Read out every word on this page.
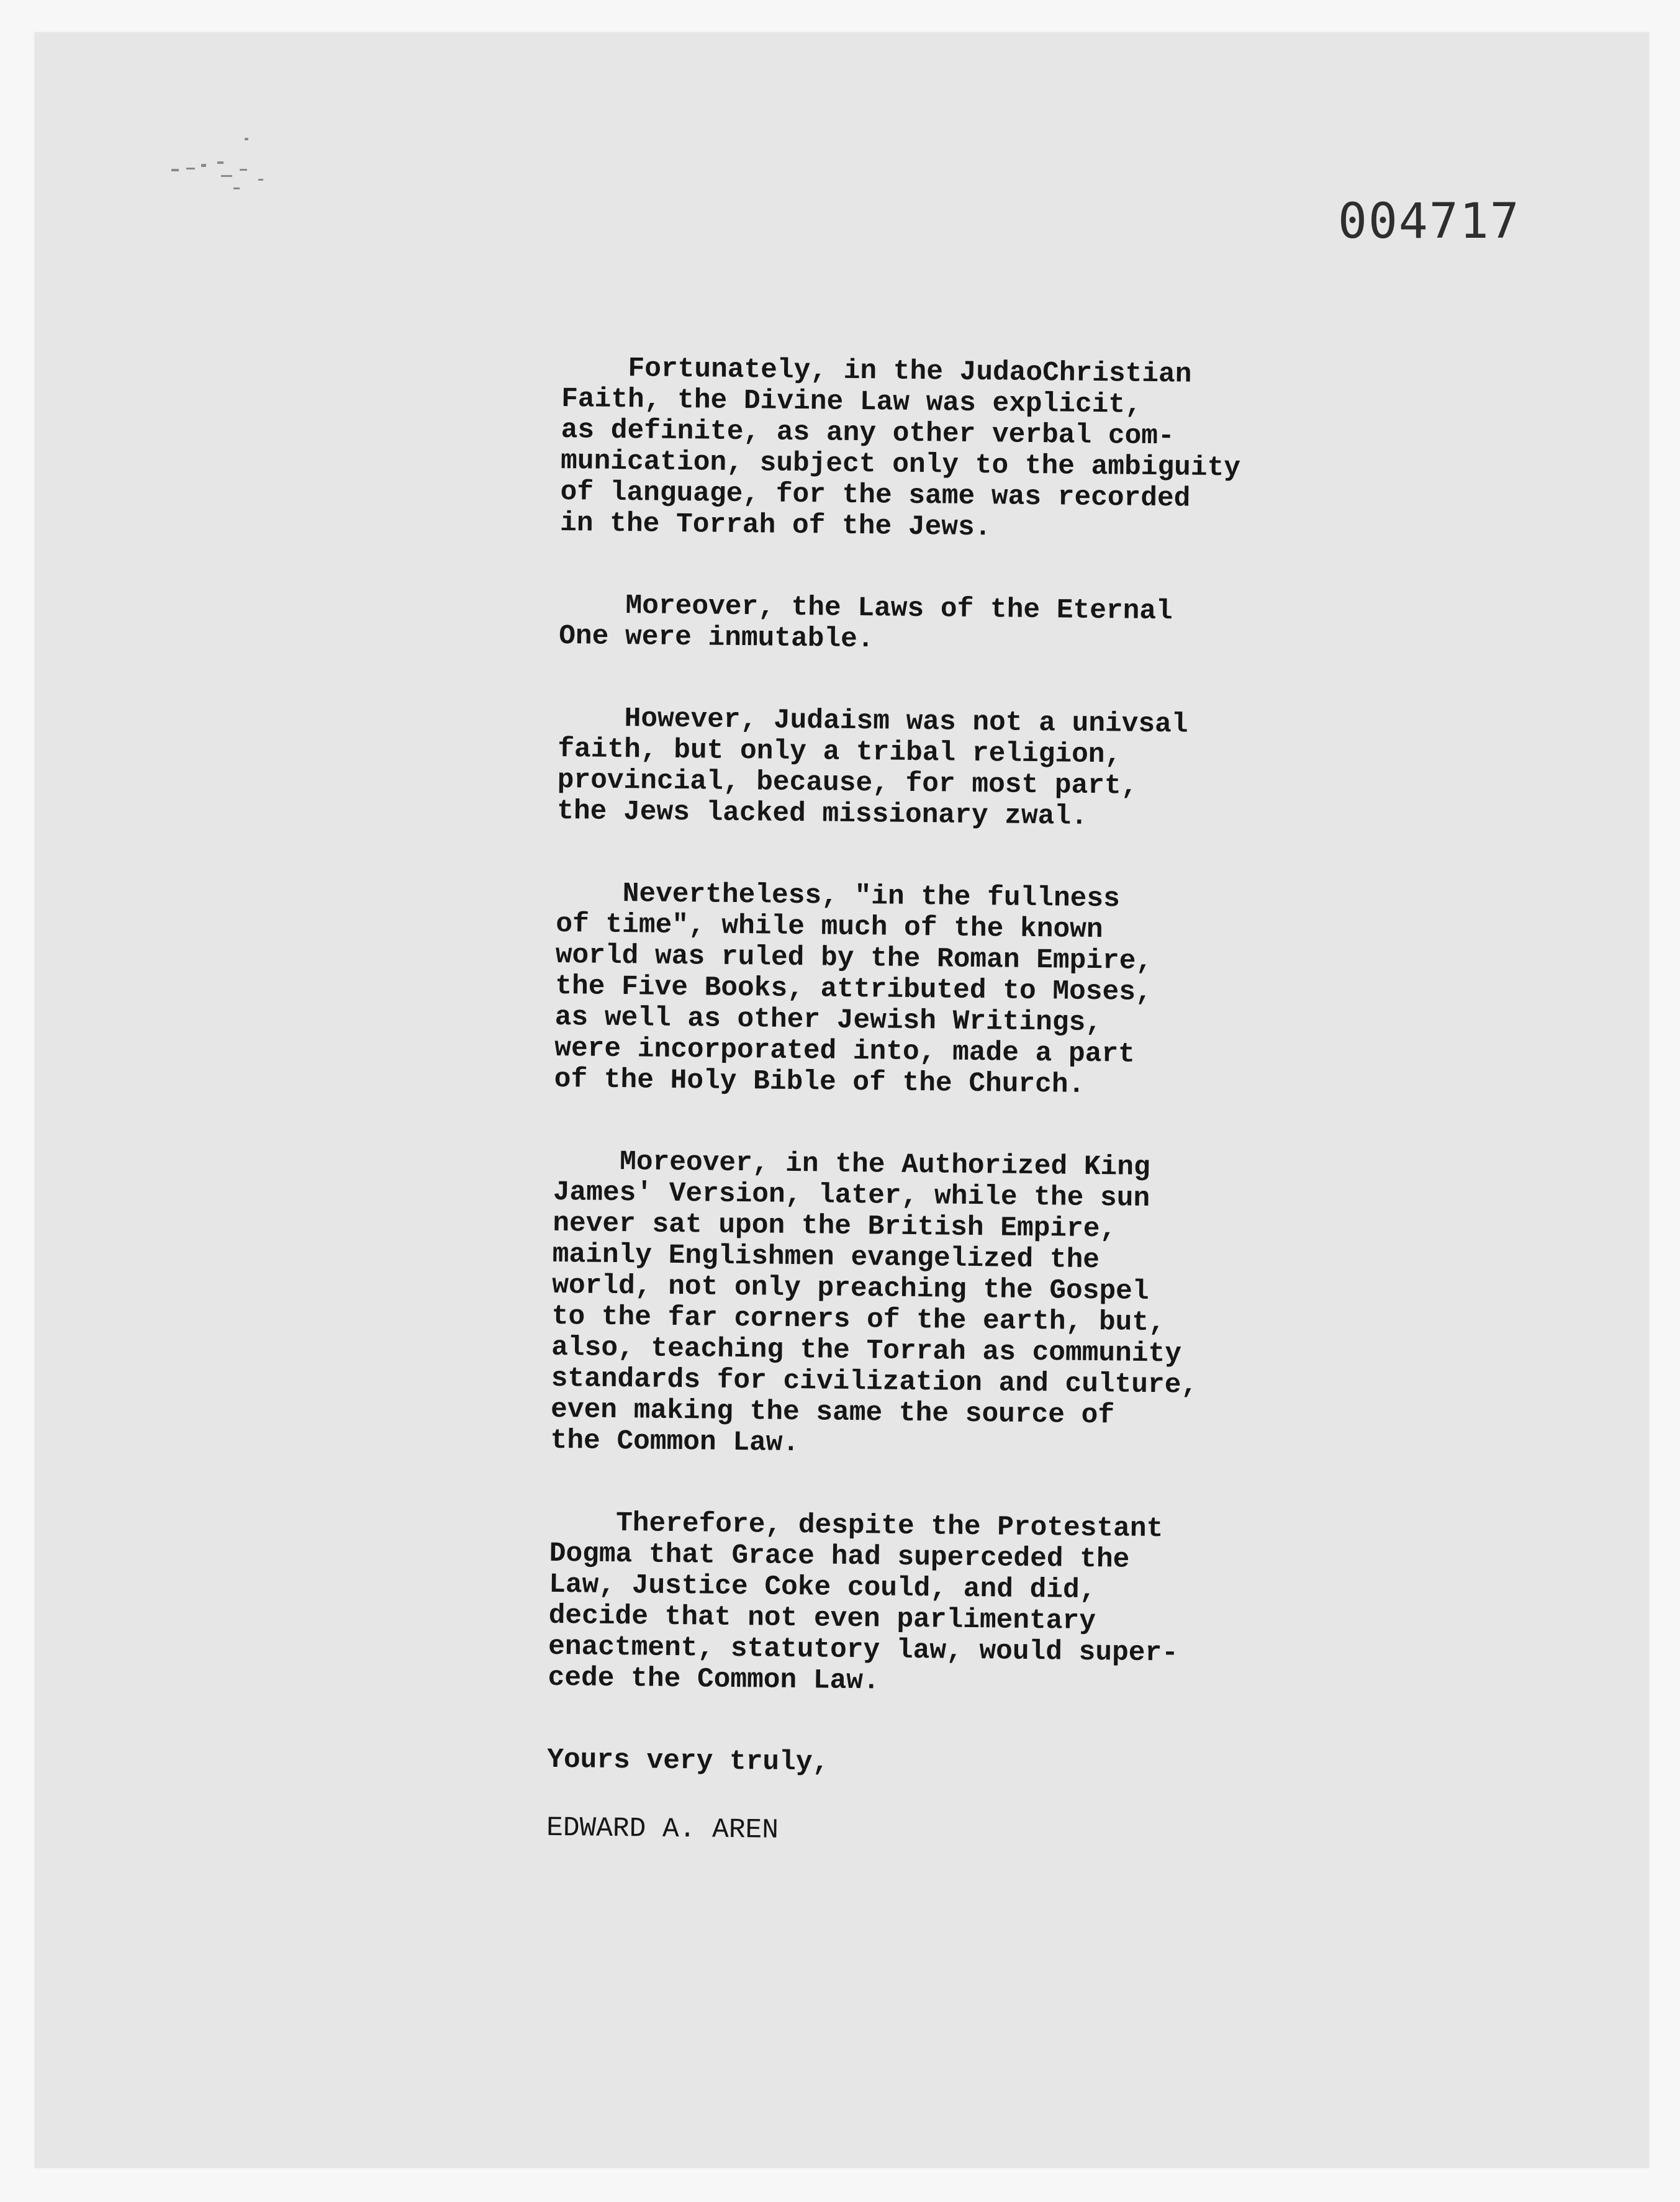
004717
Fortunately, in the JudaoChristian
Faith, the Divine Law was explicit,
as definite, as any other verbal com-
munication, subject only to the ambiguity
of language, for the same was recorded
in the Torrah of the Jews.
Moreover, the Laws of the Eternal
One were inmutable.
However, Judaism was not a univsal
faith, but only a tribal religion,
provincial, because, for most part,
the Jews lacked missionary zwal.
Nevertheless, "in the fullness
of time", while much of the known
world was ruled by the Roman Empire,
the Five Books, attributed to Moses,
as well as other Jewish Writings,
were incorporated into, made a part
of the Holy Bible of the Church.
Moreover, in the Authorized King
James' Version, later, while the sun
never sat upon the British Empire,
mainly Englishmen evangelized the
world, not only preaching the Gospel
to the far corners of the earth, but,
also, teaching the Torrah as community
standards for civilization and culture,
even making the same the source of
the Common Law.
Therefore, despite the Protestant
Dogma that Grace had superceded the
Law, Justice Coke could, and did,
decide that not even parlimentary
enactment, statutory law, would super-
cede the Common Law.
Yours very truly,
EDWARD A. AREN
